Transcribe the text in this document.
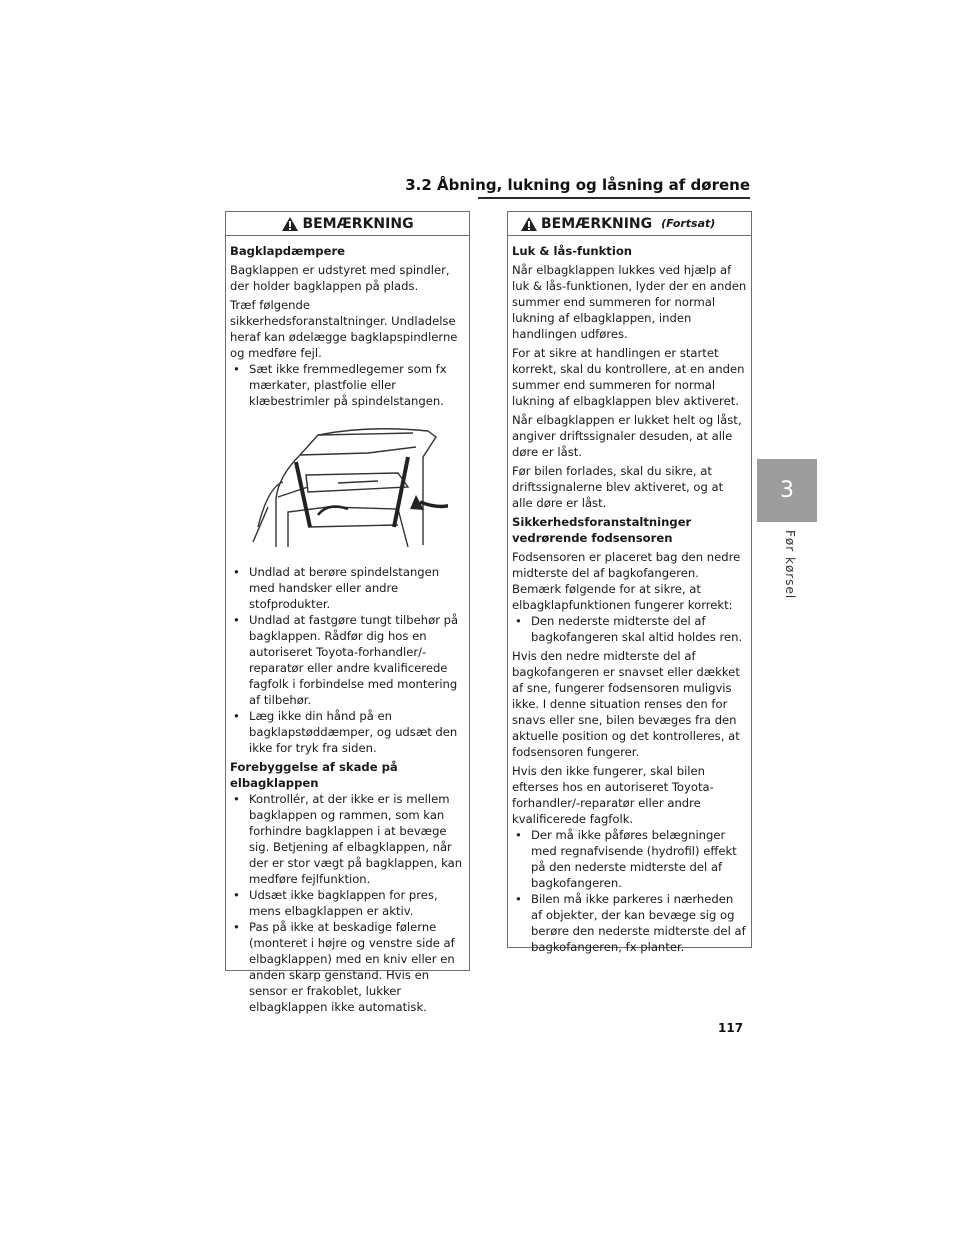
3.2 Åbning, lukning og låsning af dørene
3
Før kørsel
BEMÆRKNING
Bagklapdæmpere
Bagklappen er udstyret med spindler, der holder bagklappen på plads.
Træf følgende sikkerhedsforanstaltninger. Undladelse heraf kan ødelægge bagklapspindlerne og medføre fejl.
• Sæt ikke fremmedlegemer som fx mærkater, plastfolie eller klæbestrimler på spindelstangen.
• Undlad at berøre spindelstangen med handsker eller andre stofprodukter.
• Undlad at fastgøre tungt tilbehør på bagklappen. Rådfør dig hos en autoriseret Toyota-forhandler/-reparatør eller andre kvalificerede fagfolk i forbindelse med montering af tilbehør.
• Læg ikke din hånd på en bagklapstøddæmper, og udsæt den ikke for tryk fra siden.
Forebyggelse af skade på elbagklappen
• Kontrollér, at der ikke er is mellem bagklappen og rammen, som kan forhindre bagklappen i at bevæge sig. Betjening af elbagklappen, når der er stor vægt på bagklappen, kan medføre fejlfunktion.
• Udsæt ikke bagklappen for pres, mens elbagklappen er aktiv.
• Pas på ikke at beskadige følerne (monteret i højre og venstre side af elbagklappen) med en kniv eller en anden skarp genstand. Hvis en sensor er frakoblet, lukker elbagklappen ikke automatisk.
BEMÆRKNING (Fortsat)
Luk & lås-funktion
Når elbagklappen lukkes ved hjælp af luk & lås-funktionen, lyder der en anden summer end summeren for normal lukning af elbagklappen, inden handlingen udføres.
For at sikre at handlingen er startet korrekt, skal du kontrollere, at en anden summer end summeren for normal lukning af elbagklappen blev aktiveret.
Når elbagklappen er lukket helt og låst, angiver driftssignaler desuden, at alle døre er låst.
Før bilen forlades, skal du sikre, at driftssignalerne blev aktiveret, og at alle døre er låst.
Sikkerhedsforanstaltninger vedrørende fodsensoren
Fodsensoren er placeret bag den nedre midterste del af bagkofangeren. Bemærk følgende for at sikre, at elbagklapfunktionen fungerer korrekt:
• Den nederste midterste del af bagkofangeren skal altid holdes ren.
Hvis den nedre midterste del af bagkofangeren er snavset eller dækket af sne, fungerer fodsensoren muligvis ikke. I denne situation renses den for snavs eller sne, bilen bevæges fra den aktuelle position og det kontrolleres, at fodsensoren fungerer.
Hvis den ikke fungerer, skal bilen efterses hos en autoriseret Toyota-forhandler/-reparatør eller andre kvalificerede fagfolk.
• Der må ikke påføres belægninger med regnafvisende (hydrofil) effekt på den nederste midterste del af bagkofangeren.
• Bilen må ikke parkeres i nærheden af objekter, der kan bevæge sig og berøre den nederste midterste del af bagkofangeren, fx planter.
117
